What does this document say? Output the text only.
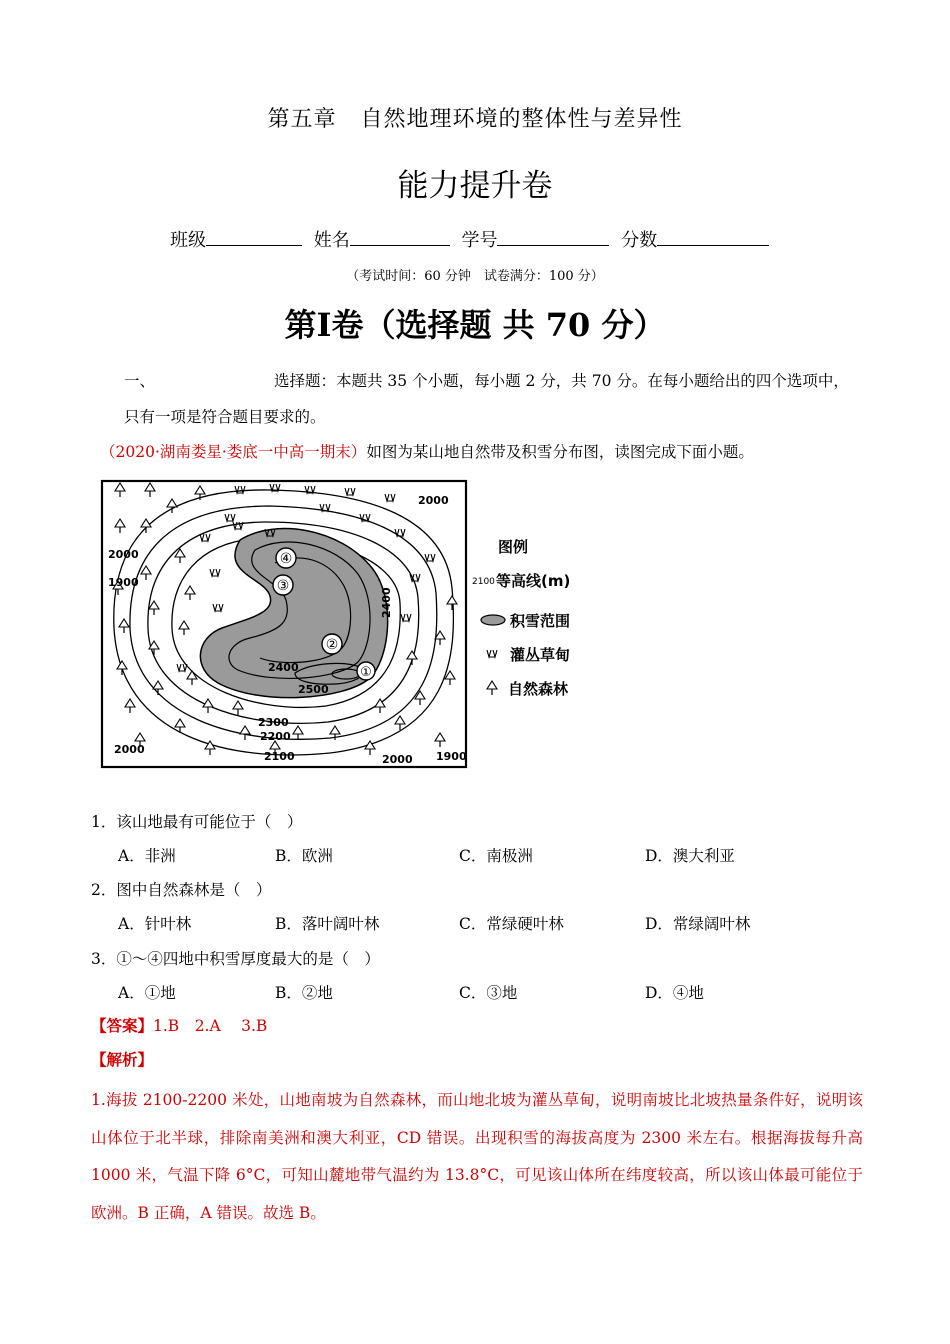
第五章 自然地理环境的整体性与差异性
能力提升卷
班级	姓名	学号	分数
（考试时间：60 分钟　试卷满分：100 分）
第I卷（选择题 共 70 分）
一、	选择题：本题共 35 个小题，每小题 2 分，共 70 分。在每小题给出的四个选项中，
只有一项是符合题目要求的。
（2020·湖南娄星·娄底一中高一期末）如图为某山地自然带及积雪分布图，读图完成下面小题。
2000
2000
1900
2400
2400
2500
2300
2200
2100
2000
2000 1900
①
②
③
④
图例
2100 等高线(m)
积雪范围
灌丛草甸
自然森林
1．该山地最有可能位于（　）
A．非洲	B．欧洲	C．南极洲	D．澳大利亚
2．图中自然森林是（　）
A．针叶林	B．落叶阔叶林	C．常绿硬叶林	D．常绿阔叶林
3．①～④四地中积雪厚度最大的是（　）
A．①地	B．②地	C．③地	D．④地
【答案】1.B　2.A　 3.B
【解析】
1.海拔 2100-2200 米处，山地南坡为自然森林，而山地北坡为灌丛草甸，说明南坡比北坡热量条件好，说明该山体位于北半球，排除南美洲和澳大利亚，CD 错误。出现积雪的海拔高度为 2300 米左右。根据海拔每升高 1000 米，气温下降 6°C，可知山麓地带气温约为 13.8°C，可见该山体所在纬度较高，所以该山体最可能位于欧洲。B 正确，A 错误。故选 B。
